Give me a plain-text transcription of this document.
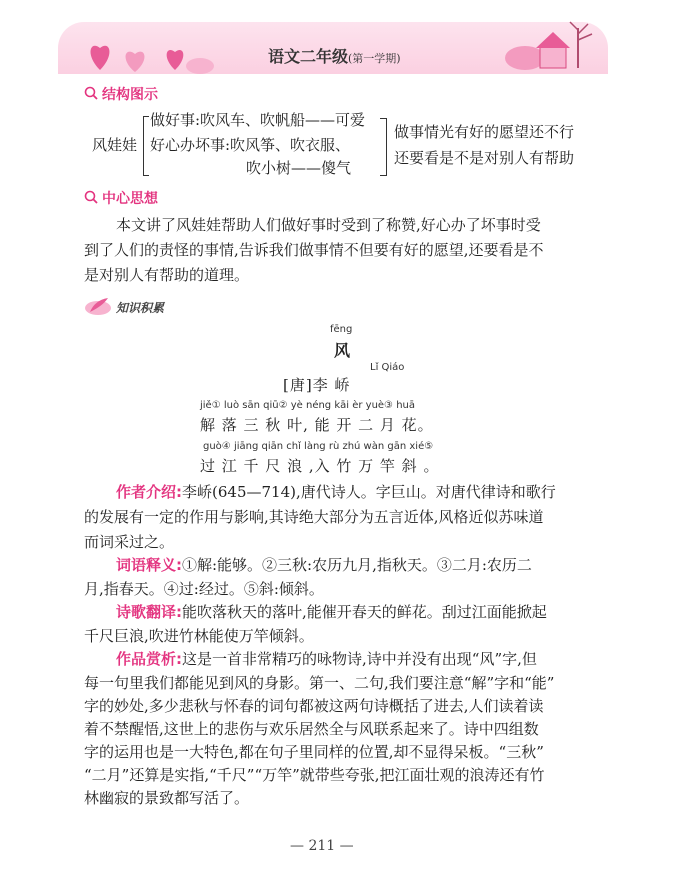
语文二年级(第一学期)
结构图示
风娃娃
做好事:吹风车、吹帆船——可爱
好心办坏事:吹风筝、吹衣服、
吹小树——傻气
做事情光有好的愿望还不行
还要看是不是对别人有帮助
中心思想
本文讲了风娃娃帮助人们做好事时受到了称赞,好心办了坏事时受
到了人们的责怪的事情,告诉我们做事情不但要有好的愿望,还要看是不
是对别人有帮助的道理。
知识积累
fēng
风
Lǐ Qiáo
[唐]李 峤
jiě① luò sān qiū② yè néng kāi èr yuè③ huā
解 落 三 秋 叶, 能 开 二 月 花。
guò④ jiāng qiān chǐ làng rù zhú wàn gān xié⑤
过 江 千 尺 浪 ,入 竹 万 竿 斜 。
作者介绍:李峤(645—714),唐代诗人。字巨山。对唐代律诗和歌行
的发展有一定的作用与影响,其诗绝大部分为五言近体,风格近似苏味道
而词采过之。
词语释义:①解:能够。②三秋:农历九月,指秋天。③二月:农历二
月,指春天。④过:经过。⑤斜:倾斜。
诗歌翻译:能吹落秋天的落叶,能催开春天的鲜花。刮过江面能掀起
千尺巨浪,吹进竹林能使万竿倾斜。
作品赏析:这是一首非常精巧的咏物诗,诗中并没有出现“风”字,但
每一句里我们都能见到风的身影。第一、二句,我们要注意“解”字和“能”
字的妙处,多少悲秋与怀春的词句都被这两句诗概括了进去,人们读着读
着不禁醒悟,这世上的悲伤与欢乐居然全与风联系起来了。诗中四组数
字的运用也是一大特色,都在句子里同样的位置,却不显得呆板。“三秋”
“二月”还算是实指,“千尺”“万竿”就带些夸张,把江面壮观的浪涛还有竹
林幽寂的景致都写活了。
— 211 —
